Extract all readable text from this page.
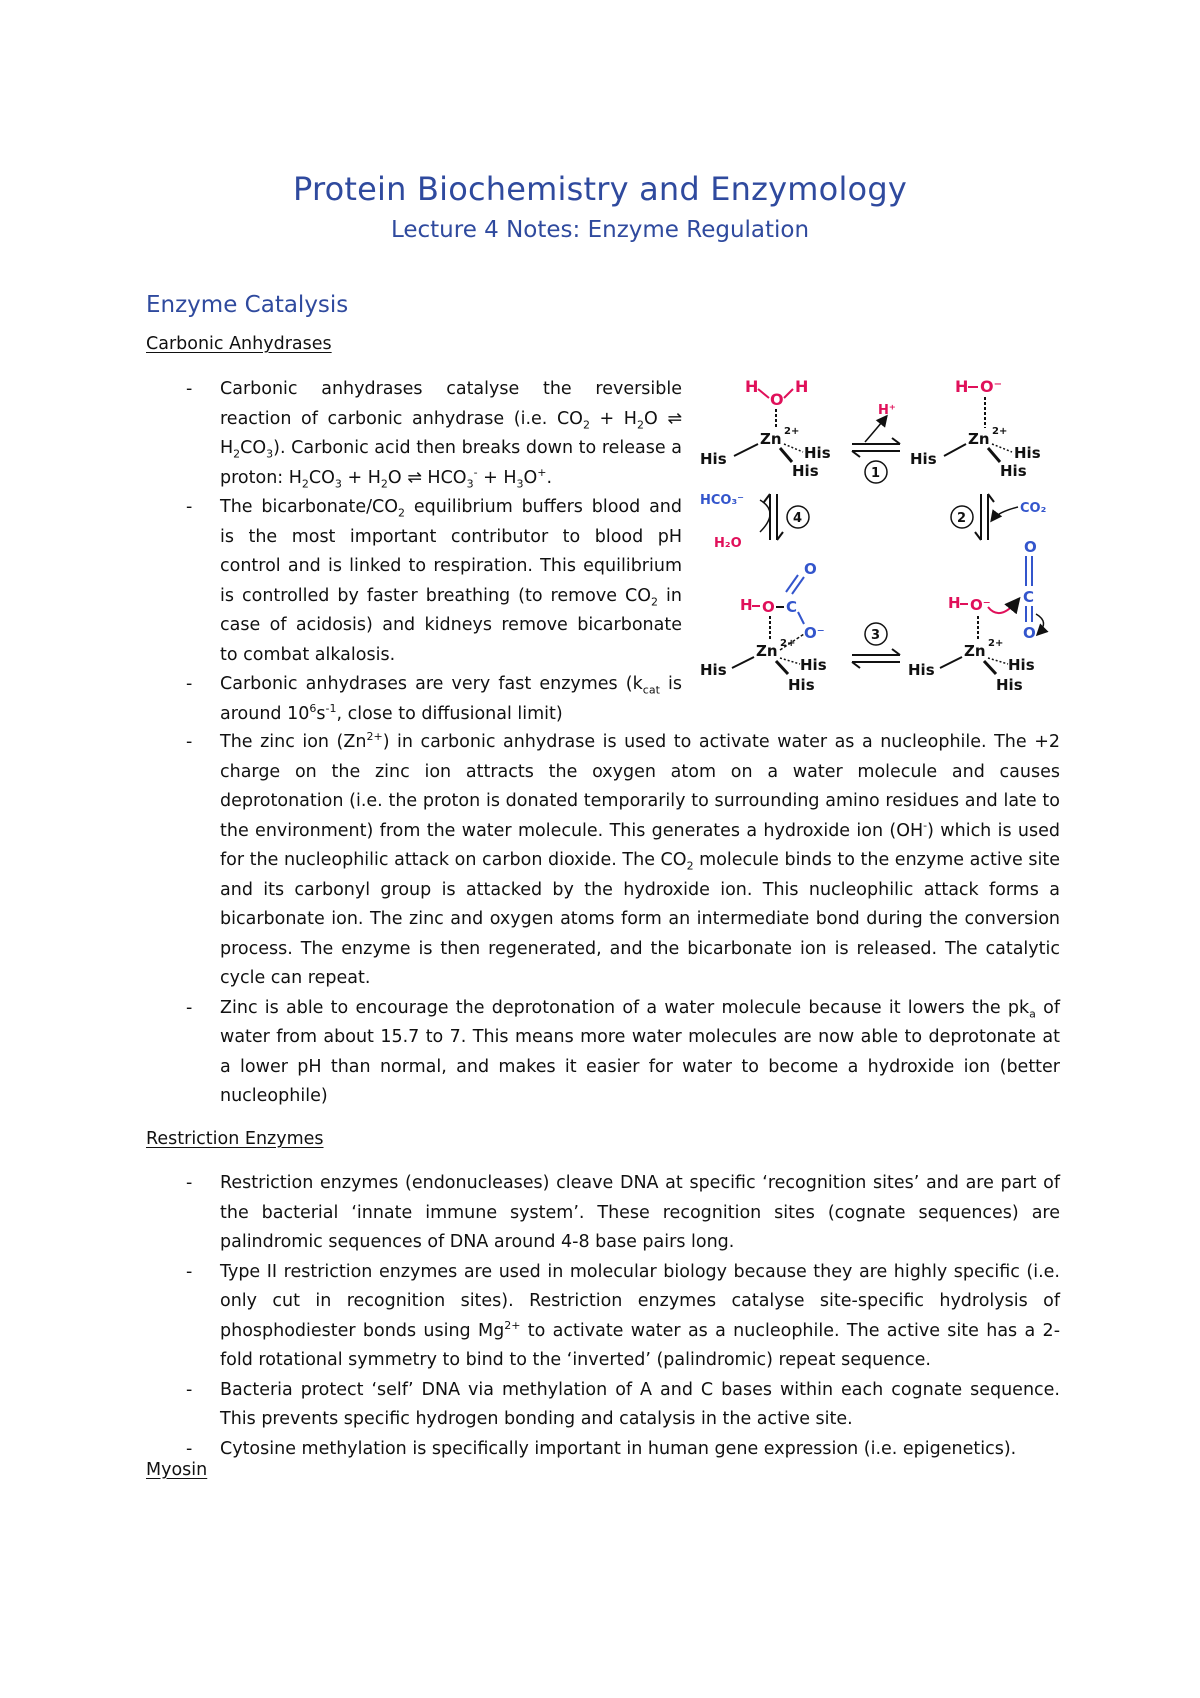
Protein Biochemistry and Enzymology
Lecture 4 Notes: Enzyme Regulation
Enzyme Catalysis
Carbonic Anhydrases
- Carbonic anhydrases catalyse the reversible reaction of carbonic anhydrase (i.e. $CO_2 + H_2O$ ⇌ $H_2CO_3$). Carbonic acid then breaks down to release a proton: $H_2CO_3 + H_2O$ ⇌ $HCO_3^- + H_3O^+$.
- The bicarbonate/$CO_2$ equilibrium buffers blood and is the most important contributor to blood pH control and is linked to respiration. This equilibrium is controlled by faster breathing (to remove $CO_2$ in case of acidosis) and kidneys remove bicarbonate to combat alkalosis.
- Carbonic anhydrases are very fast enzymes ($k_{cat}$ is around $10^6s^{-1}$, close to diffusional limit)
- The zinc ion $(Zn^{2+})$ in carbonic anhydrase is used to activate water as a nucleophile. The +2 charge on the zinc ion attracts the oxygen atom on a water molecule and causes deprotonation (i.e. the proton is donated temporarily to surrounding amino residues and late to the environment) from the water molecule. This generates a hydroxide ion (OH-) which is used for the nucleophilic attack on carbon dioxide. The $CO_2$ molecule binds to the enzyme active site and its carbonyl group is attacked by the hydroxide ion. This nucleophilic attack forms a bicarbonate ion. The zinc and oxygen atoms form an intermediate bond during the conversion process. The enzyme is then regenerated, and the bicarbonate ion is released. The catalytic cycle can repeat.
- Zinc is able to encourage the deprotonation of a water molecule because it lowers the $pk_a$ of water from about 15.7 to 7. This means more water molecules are now able to deprotonate at a lower pH than normal, and makes it easier for water to become a hydroxide ion (better nucleophile)
Restriction Enzymes
- Restriction enzymes (endonucleases) cleave DNA at specific ‘recognition sites’ and are part of the bacterial ‘innate immune system’. These recognition sites (cognate sequences) are palindromic sequences of DNA around 4-8 base pairs long.
- Type II restriction enzymes are used in molecular biology because they are highly specific (i.e. only cut in recognition sites). Restriction enzymes catalyse site-specific hydrolysis of phosphodiester bonds using $Mg^{2+}$ to activate water as a nucleophile. The active site has a 2-fold rotational symmetry to bind to the ‘inverted’ (palindromic) repeat sequence.
- Bacteria protect ‘self’ DNA via methylation of A and C bases within each cognate sequence. This prevents specific hydrogen bonding and catalysis in the active site.
- Cytosine methylation is specifically important in human gene expression (i.e. epigenetics).
Myosin
H
O
H
Zn 2+
His	His
His
H⁺
1
H O⁻
Zn 2+
His	His
His
CO₂
2
HCO₃⁻
H₂O
4
O
H O C
O⁻
Zn 2+
His	His
His
3
O
C
O
H O⁻
Zn 2+
His	His
His
